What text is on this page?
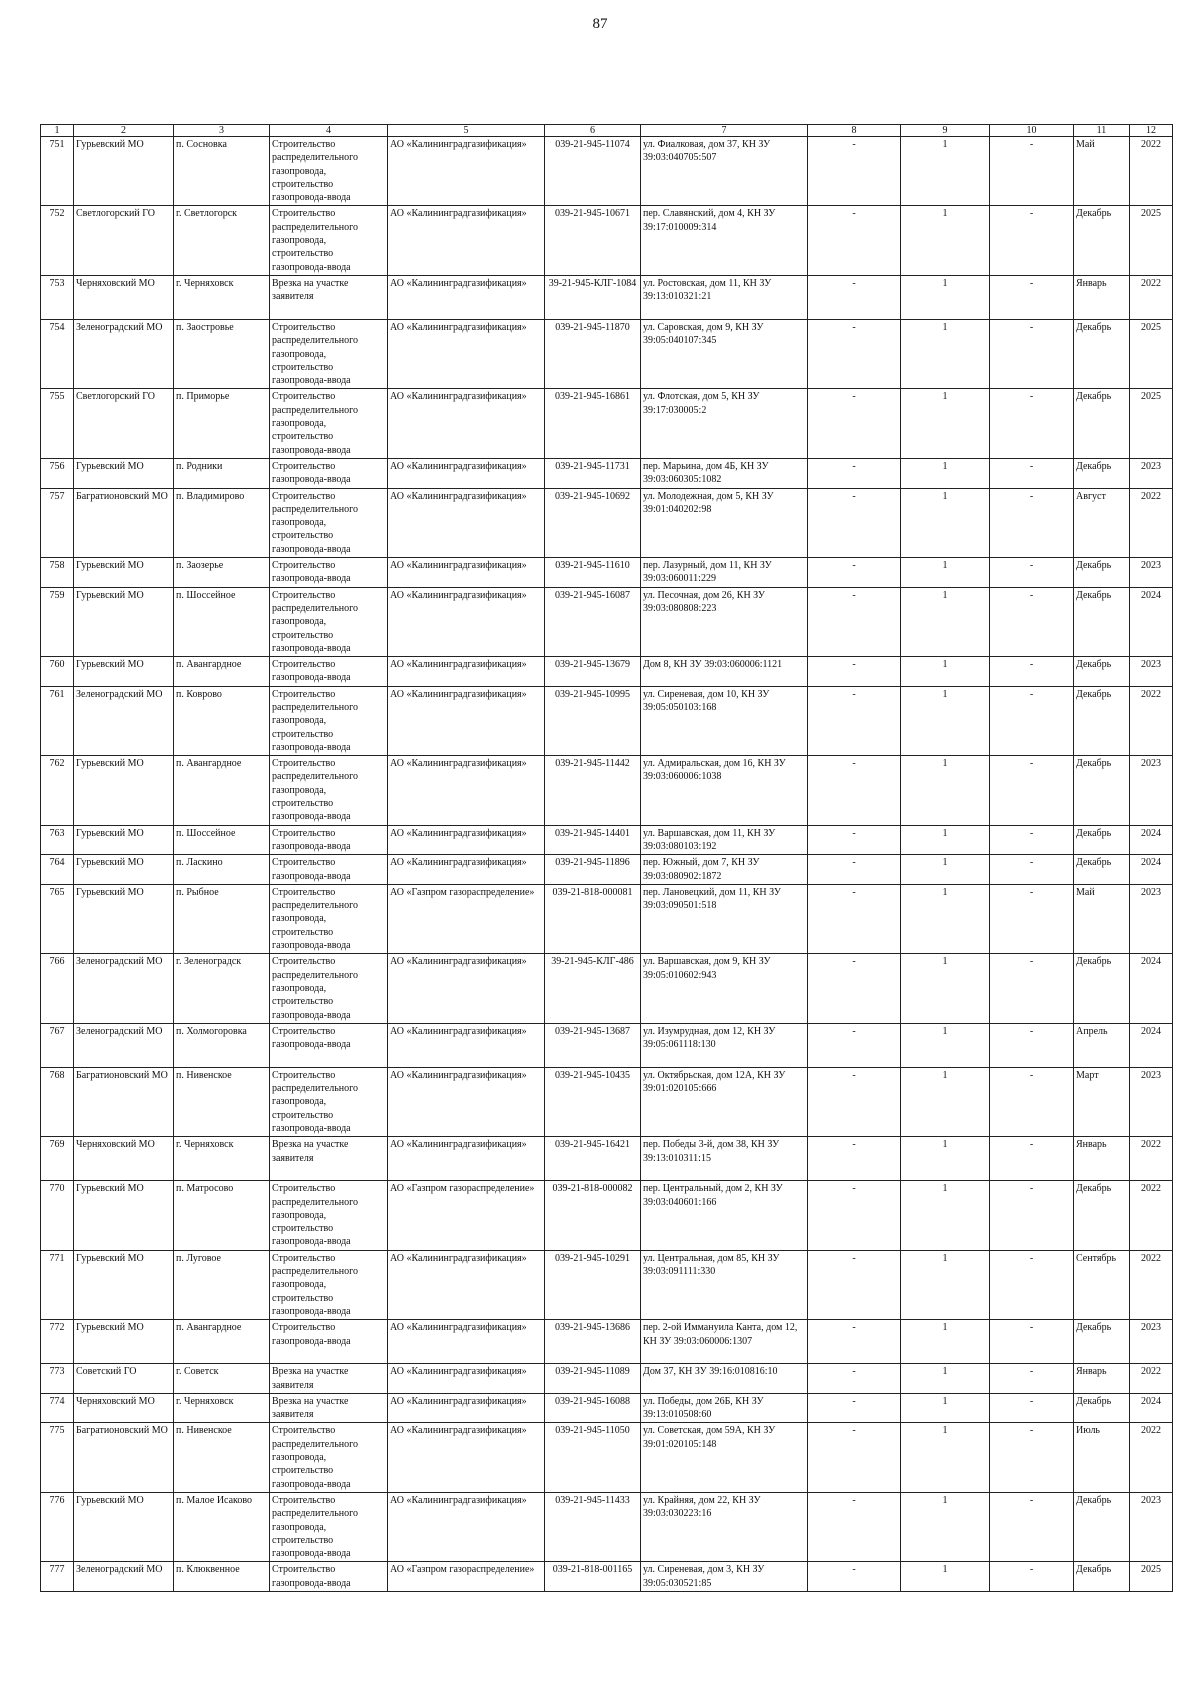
87
1	2	3	4	5	6	7	8	9	10	11	12
751	Гурьевский МО	п. Сосновка	Строительство распределительного газопровода, строительство газопровода-ввода	АО «Калининградгазификация»	039-21-945-11074	ул. Фиалковая, дом 37, КН ЗУ 39:03:040705:507	-	1	-	Май	2022
752	Светлогорский ГО	г. Светлогорск	Строительство распределительного газопровода, строительство газопровода-ввода	АО «Калининградгазификация»	039-21-945-10671	пер. Славянский, дом 4, КН ЗУ 39:17:010009:314	-	1	-	Декабрь	2025
753	Черняховский МО	г. Черняховск	Врезка на участке заявителя	АО «Калининградгазификация»	39-21-945-КЛГ-1084	ул. Ростовская, дом 11, КН ЗУ 39:13:010321:21	-	1	-	Январь	2022
754	Зеленоградский МО	п. Заостровье	Строительство распределительного газопровода, строительство газопровода-ввода	АО «Калининградгазификация»	039-21-945-11870	ул. Саровская, дом 9, КН ЗУ 39:05:040107:345	-	1	-	Декабрь	2025
755	Светлогорский ГО	п. Приморье	Строительство распределительного газопровода, строительство газопровода-ввода	АО «Калининградгазификация»	039-21-945-16861	ул. Флотская, дом 5, КН ЗУ 39:17:030005:2	-	1	-	Декабрь	2025
756	Гурьевский МО	п. Родники	Строительство газопровода-ввода	АО «Калининградгазификация»	039-21-945-11731	пер. Марьина, дом 4Б, КН ЗУ 39:03:060305:1082	-	1	-	Декабрь	2023
757	Багратионовский МО	п. Владимирово	Строительство распределительного газопровода, строительство газопровода-ввода	АО «Калининградгазификация»	039-21-945-10692	ул. Молодежная, дом 5, КН ЗУ 39:01:040202:98	-	1	-	Август	2022
758	Гурьевский МО	п. Заозерье	Строительство газопровода-ввода	АО «Калининградгазификация»	039-21-945-11610	пер. Лазурный, дом 11, КН ЗУ 39:03:060011:229	-	1	-	Декабрь	2023
759	Гурьевский МО	п. Шоссейное	Строительство распределительного газопровода, строительство газопровода-ввода	АО «Калининградгазификация»	039-21-945-16087	ул. Песочная, дом 26, КН ЗУ 39:03:080808:223	-	1	-	Декабрь	2024
760	Гурьевский МО	п. Авангардное	Строительство газопровода-ввода	АО «Калининградгазификация»	039-21-945-13679	Дом 8, КН ЗУ 39:03:060006:1121	-	1	-	Декабрь	2023
761	Зеленоградский МО	п. Коврово	Строительство распределительного газопровода, строительство газопровода-ввода	АО «Калининградгазификация»	039-21-945-10995	ул. Сиреневая, дом 10, КН ЗУ 39:05:050103:168	-	1	-	Декабрь	2022
762	Гурьевский МО	п. Авангардное	Строительство распределительного газопровода, строительство газопровода-ввода	АО «Калининградгазификация»	039-21-945-11442	ул. Адмиральская, дом 16, КН ЗУ 39:03:060006:1038	-	1	-	Декабрь	2023
763	Гурьевский МО	п. Шоссейное	Строительство газопровода-ввода	АО «Калининградгазификация»	039-21-945-14401	ул. Варшавская, дом 11, КН ЗУ 39:03:080103:192	-	1	-	Декабрь	2024
764	Гурьевский МО	п. Ласкино	Строительство газопровода-ввода	АО «Калининградгазификация»	039-21-945-11896	пер. Южный, дом 7, КН ЗУ 39:03:080902:1872	-	1	-	Декабрь	2024
765	Гурьевский МО	п. Рыбное	Строительство распределительного газопровода, строительство газопровода-ввода	АО «Газпром газораспределение»	039-21-818-000081	пер. Лановецкий, дом 11, КН ЗУ 39:03:090501:518	-	1	-	Май	2023
766	Зеленоградский МО	г. Зеленоградск	Строительство распределительного газопровода, строительство газопровода-ввода	АО «Калининградгазификация»	39-21-945-КЛГ-486	ул. Варшавская, дом 9, КН ЗУ 39:05:010602:943	-	1	-	Декабрь	2024
767	Зеленоградский МО	п. Холмогоровка	Строительство газопровода-ввода	АО «Калининградгазификация»	039-21-945-13687	ул. Изумрудная, дом 12, КН ЗУ 39:05:061118:130	-	1	-	Апрель	2024
768	Багратионовский МО	п. Нивенское	Строительство распределительного газопровода, строительство газопровода-ввода	АО «Калининградгазификация»	039-21-945-10435	ул. Октябрьская, дом 12А, КН ЗУ 39:01:020105:666	-	1	-	Март	2023
769	Черняховский МО	г. Черняховск	Врезка на участке заявителя	АО «Калининградгазификация»	039-21-945-16421	пер. Победы 3-й, дом 38, КН ЗУ 39:13:010311:15	-	1	-	Январь	2022
770	Гурьевский МО	п. Матросово	Строительство распределительного газопровода, строительство газопровода-ввода	АО «Газпром газораспределение»	039-21-818-000082	пер. Центральный, дом 2, КН ЗУ 39:03:040601:166	-	1	-	Декабрь	2022
771	Гурьевский МО	п. Луговое	Строительство распределительного газопровода, строительство газопровода-ввода	АО «Калининградгазификация»	039-21-945-10291	ул. Центральная, дом 85, КН ЗУ 39:03:091111:330	-	1	-	Сентябрь	2022
772	Гурьевский МО	п. Авангардное	Строительство газопровода-ввода	АО «Калининградгазификация»	039-21-945-13686	пер. 2-ой Иммануила Канта, дом 12, КН ЗУ 39:03:060006:1307	-	1	-	Декабрь	2023
773	Советский ГО	г. Советск	Врезка на участке заявителя	АО «Калининградгазификация»	039-21-945-11089	Дом 37, КН ЗУ 39:16:010816:10	-	1	-	Январь	2022
774	Черняховский МО	г. Черняховск	Врезка на участке заявителя	АО «Калининградгазификация»	039-21-945-16088	ул. Победы, дом 26Б, КН ЗУ 39:13:010508:60	-	1	-	Декабрь	2024
775	Багратионовский МО	п. Нивенское	Строительство распределительного газопровода, строительство газопровода-ввода	АО «Калининградгазификация»	039-21-945-11050	ул. Советская, дом 59А, КН ЗУ 39:01:020105:148	-	1	-	Июль	2022
776	Гурьевский МО	п. Малое Исаково	Строительство распределительного газопровода, строительство газопровода-ввода	АО «Калининградгазификация»	039-21-945-11433	ул. Крайняя, дом 22, КН ЗУ 39:03:030223:16	-	1	-	Декабрь	2023
777	Зеленоградский МО	п. Клюквенное	Строительство газопровода-ввода	АО «Газпром газораспределение»	039-21-818-001165	ул. Сиреневая, дом 3, КН ЗУ 39:05:030521:85	-	1	-	Декабрь	2025
